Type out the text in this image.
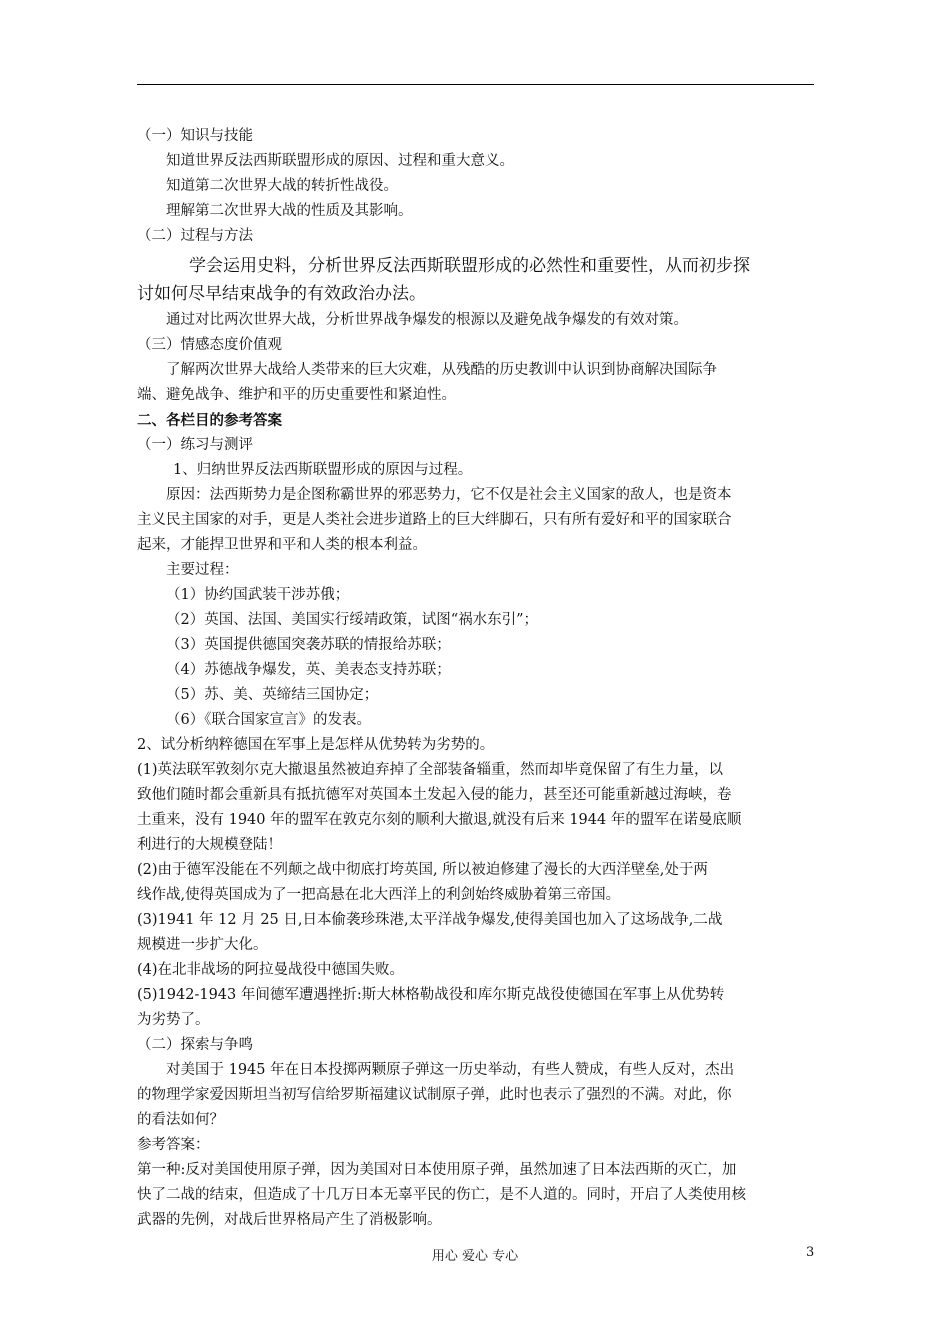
（一）知识与技能

知道世界反法西斯联盟形成的原因、过程和重大意义。

知道第二次世界大战的转折性战役。

理解第二次世界大战的性质及其影响。

（二）过程与方法

学会运用史料，分析世界反法西斯联盟形成的必然性和重要性，从而初步探
讨如何尽早结束战争的有效政治办法。

通过对比两次世界大战，分析世界战争爆发的根源以及避免战争爆发的有效对策。

（三）情感态度价值观

了解两次世界大战给人类带来的巨大灾难，从残酷的历史教训中认识到协商解决国际争
端、避免战争、维护和平的历史重要性和紧迫性。

二、各栏目的参考答案

（一）练习与测评

1、归纳世界反法西斯联盟形成的原因与过程。

原因：法西斯势力是企图称霸世界的邪恶势力，它不仅是社会主义国家的敌人，也是资本
主义民主国家的对手，更是人类社会进步道路上的巨大绊脚石，只有所有爱好和平的国家联合
起来，才能捍卫世界和平和人类的根本利益。

主要过程：

（1）协约国武装干涉苏俄；

（2）英国、法国、美国实行绥靖政策，试图“祸水东引”；

（3）英国提供德国突袭苏联的情报给苏联；

（4）苏德战争爆发，英、美表态支持苏联；

（5）苏、美、英缔结三国协定；

（6）《联合国家宣言》的发表。

2、试分析纳粹德国在军事上是怎样从优势转为劣势的。

(1)英法联军敦刻尔克大撤退虽然被迫弃掉了全部装备辎重，然而却毕竟保留了有生力量，以
致他们随时都会重新具有抵抗德军对英国本土发起入侵的能力，甚至还可能重新越过海峡，卷
土重来，没有 1940 年的盟军在敦克尔刻的顺利大撤退,就没有后来 1944 年的盟军在诺曼底顺
利进行的大规模登陆！

(2)由于德军没能在不列颠之战中彻底打垮英国, 所以被迫修建了漫长的大西洋壁垒,处于两
线作战,使得英国成为了一把高悬在北大西洋上的利剑始终威胁着第三帝国。

(3)1941 年 12 月 25 日,日本偷袭珍珠港,太平洋战争爆发,使得美国也加入了这场战争,二战
规模进一步扩大化。

(4)在北非战场的阿拉曼战役中德国失败。

(5)1942-1943 年间德军遭遇挫折:斯大林格勒战役和库尔斯克战役使德国在军事上从优势转
为劣势了。

（二）探索与争鸣

对美国于 1945 年在日本投掷两颗原子弹这一历史举动，有些人赞成，有些人反对，杰出
的物理学家爱因斯坦当初写信给罗斯福建议试制原子弹，此时也表示了强烈的不满。对此，你
的看法如何？

参考答案：

第一种:反对美国使用原子弹，因为美国对日本使用原子弹，虽然加速了日本法西斯的灭亡，加
快了二战的结束，但造成了十几万日本无辜平民的伤亡，是不人道的。同时，开启了人类使用核
武器的先例，对战后世界格局产生了消极影响。

用心 爱心 专心	3
